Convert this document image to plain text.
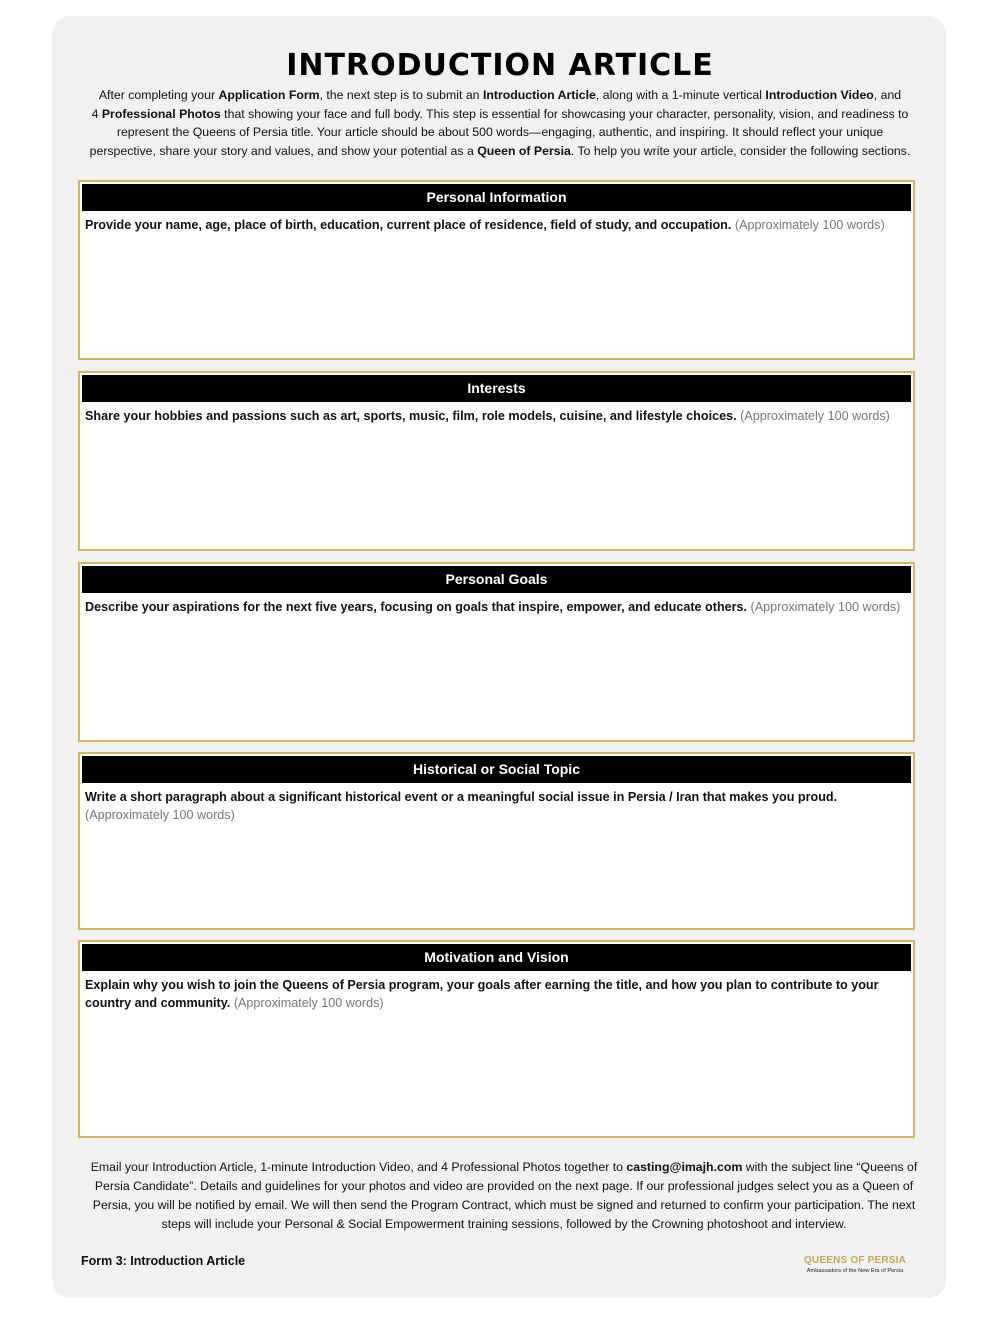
INTRODUCTION ARTICLE

After completing your Application Form, the next step is to submit an Introduction Article, along with a 1-minute vertical Introduction Video, and
4 Professional Photos that showing your face and full body. This step is essential for showcasing your character, personality, vision, and readiness to
represent the Queens of Persia title. Your article should be about 500 words—engaging, authentic, and inspiring. It should reflect your unique
perspective, share your story and values, and show your potential as a Queen of Persia. To help you write your article, consider the following sections.

Personal Information
Provide your name, age, place of birth, education, current place of residence, field of study, and occupation. (Approximately 100 words)
Interests
Share your hobbies and passions such as art, sports, music, film, role models, cuisine, and lifestyle choices. (Approximately 100 words)
Personal Goals
Describe your aspirations for the next five years, focusing on goals that inspire, empower, and educate others. (Approximately 100 words)
Historical or Social Topic
Write a short paragraph about a significant historical event or a meaningful social issue in Persia / Iran that makes you proud.
(Approximately 100 words)
Motivation and Vision
Explain why you wish to join the Queens of Persia program, your goals after earning the title, and how you plan to contribute to your country and community. (Approximately 100 words)

Email your Introduction Article, 1-minute Introduction Video, and 4 Professional Photos together to casting@imajh.com with the subject line “Queens of
Persia Candidate”. Details and guidelines for your photos and video are provided on the next page. If our professional judges select you as a Queen of
Persia, you will be notified by email. We will then send the Program Contract, which must be signed and returned to confirm your participation. The next
steps will include your Personal & Social Empowerment training sessions, followed by the Crowning photoshoot and interview.

Form 3: Introduction Article	QUEENS OF PERSIA
Ambassadors of the New Era of Persia
